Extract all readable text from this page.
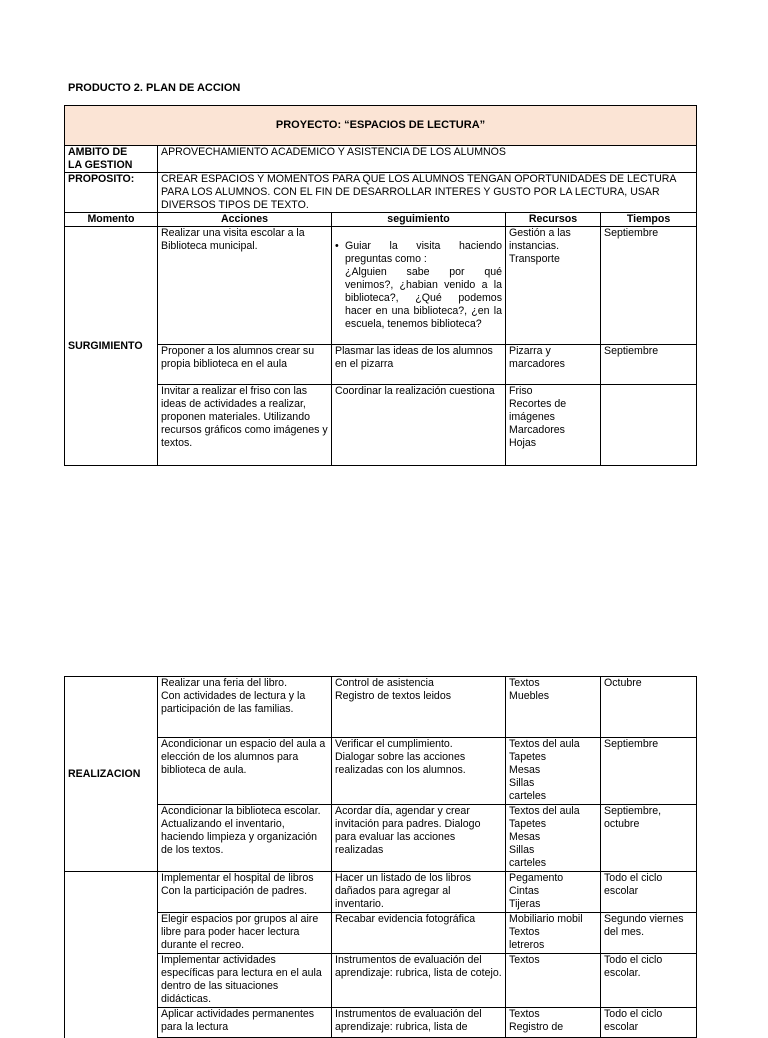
PRODUCTO 2. PLAN DE ACCION
PROYECTO: “ESPACIOS DE LECTURA”				
AMBITO DE
LA GESTION	APROVECHAMIENTO ACADEMICO Y ASISTENCIA DE LOS ALUMNOS			
PROPOSITO:	CREAR ESPACIOS Y MOMENTOS PARA QUE LOS ALUMNOS TENGAN OPORTUNIDADES DE LECTURA PARA LOS ALUMNOS. CON EL FIN DE DESARROLLAR INTERES Y GUSTO POR LA LECTURA, USAR DIVERSOS TIPOS DE TEXTO.			
Momento	Acciones	seguimiento	Recursos	Tiempos
SURGIMIENTO	Realizar una visita escolar a la Biblioteca municipal.	• Guiar la visita haciendo preguntas como :
¿Alguien sabe por qué venimos?, ¿habian venido a la biblioteca?, ¿Qué podemos hacer en una biblioteca?, ¿en la escuela, tenemos biblioteca?	Gestión a las instancias.
Transporte	Septiembre
	Proponer a los alumnos crear su propia biblioteca en el aula	Plasmar las ideas de los alumnos en el pizarra	Pizarra y marcadores	Septiembre
	Invitar a realizar el friso con las ideas de actividades a realizar, proponen materiales. Utilizando recursos gráficos como imágenes y textos.	Coordinar la realización cuestiona	Friso
Recortes de imágenes
Marcadores
Hojas	
REALIZACION	Realizar una feria del libro.
Con actividades de lectura y la participación de las familias.	Control de asistencia
Registro de textos leidos	Textos
Muebles	Octubre
	Acondicionar un espacio del aula a elección de los alumnos para biblioteca de aula.	Verificar el cumplimiento.
Dialogar sobre las acciones realizadas con los alumnos.	Textos del aula
Tapetes
Mesas
Sillas
carteles	Septiembre
	Acondicionar la biblioteca escolar.
Actualizando el inventario, haciendo limpieza y organización de los textos.	Acordar día, agendar y crear invitación para padres. Dialogo para evaluar las acciones realizadas	Textos del aula
Tapetes
Mesas
Sillas
carteles	Septiembre, octubre
	Implementar el hospital de libros
Con la participación de padres.	Hacer un listado de los libros dañados para agregar al inventario.	Pegamento
Cintas
Tijeras	Todo el ciclo escolar
	Elegir espacios por grupos al aire libre para poder hacer lectura durante el recreo.	Recabar evidencia fotográfica	Mobiliario mobil
Textos
letreros	Segundo viernes del mes.
	Implementar actividades específicas para lectura en el aula dentro de las situaciones didácticas.	Instrumentos de evaluación del aprendizaje: rubrica, lista de cotejo.	Textos	Todo el ciclo escolar.
	Aplicar actividades permanentes para la lectura	Instrumentos de evaluación del aprendizaje: rubrica, lista de	Textos
Registro de	Todo el ciclo escolar
